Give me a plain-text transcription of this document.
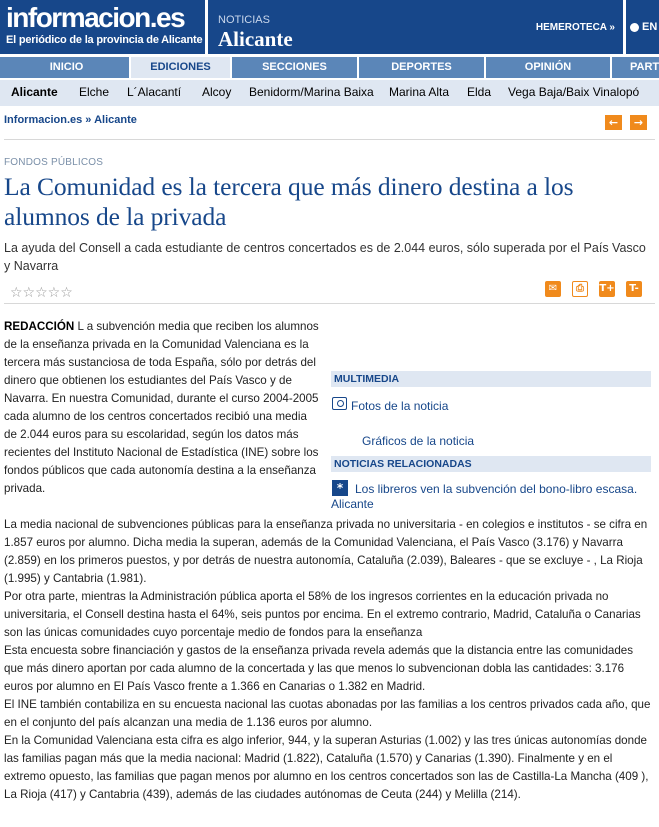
informacion.es
El periódico de la provincia de Alicante
NOTICIAS
Alicante	HEMEROTECA » EN
INICIO	EDICIONES	SECCIONES	DEPORTES	OPINIÓN	PART
Alicante Elche L´Alacantí Alcoy Benidorm/Marina Baixa Marina Alta Elda Vega Baja/Baix Vinalopó
Informacion.es » Alicante	←	→
FONDOS PÚBLICOS
La Comunidad es la tercera que más dinero destina a los alumnos de la privada
La ayuda del Consell a cada estudiante de centros concertados es de 2.044 euros, sólo superada por el País Vasco y Navarra
☆☆☆☆☆	✉	⎙	T+	T-
REDACCIÓN L a subvención media que reciben los alumnos de la enseñanza privada en la Comunidad Valenciana es la tercera más sustanciosa de toda España, sólo por detrás del dinero que obtienen los estudiantes del País Vasco y de Navarra. En nuestra Comunidad, durante el curso 2004-2005 cada alumno de los centros concertados recibió una media de 2.044 euros para su escolaridad, según los datos más recientes del Instituto Nacional de Estadística (INE) sobre los fondos públicos que cada autonomía destina a la enseñanza privada.
MULTIMEDIA
Fotos de la noticia
Gráficos de la noticia
NOTICIAS RELACIONADAS
* Los libreros ven la subvención del bono-libro escasa. Alicante

La media nacional de subvenciones públicas para la enseñanza privada no universitaria - en colegios e institutos - se cifra en 1.857 euros por alumno. Dicha media la superan, además de la Comunidad Valenciana, el País Vasco (3.176) y Navarra (2.859) en los primeros puestos, y por detrás de nuestra autonomía, Cataluña (2.039), Baleares - que se excluye - , La Rioja (1.995) y Cantabria (1.981).

Por otra parte, mientras la Administración pública aporta el 58% de los ingresos corrientes en la educación privada no universitaria, el Consell destina hasta el 64%, seis puntos por encima. En el extremo contrario, Madrid, Cataluña o Canarias son las únicas comunidades cuyo porcentaje medio de fondos para la enseñanza

Esta encuesta sobre financiación y gastos de la enseñanza privada revela además que la distancia entre las comunidades que más dinero aportan por cada alumno de la concertada y las que menos lo subvencionan dobla las cantidades: 3.176 euros por alumno en El País Vasco frente a 1.366 en Canarias o 1.382 en Madrid.

El INE también contabiliza en su encuesta nacional las cuotas abonadas por las familias a los centros privados cada año, que en el conjunto del país alcanzan una media de 1.136 euros por alumno.

En la Comunidad Valenciana esta cifra es algo inferior, 944, y la superan Asturias (1.002) y las tres únicas autonomías donde las familias pagan más que la media nacional: Madrid (1.822), Cataluña (1.570) y Canarias (1.390). Finalmente y en el extremo opuesto, las familias que pagan menos por alumno en los centros concertados son las de Castilla-La Mancha (409 ), La Rioja (417) y Cantabria (439), además de las ciudades autónomas de Ceuta (244) y Melilla (214).
